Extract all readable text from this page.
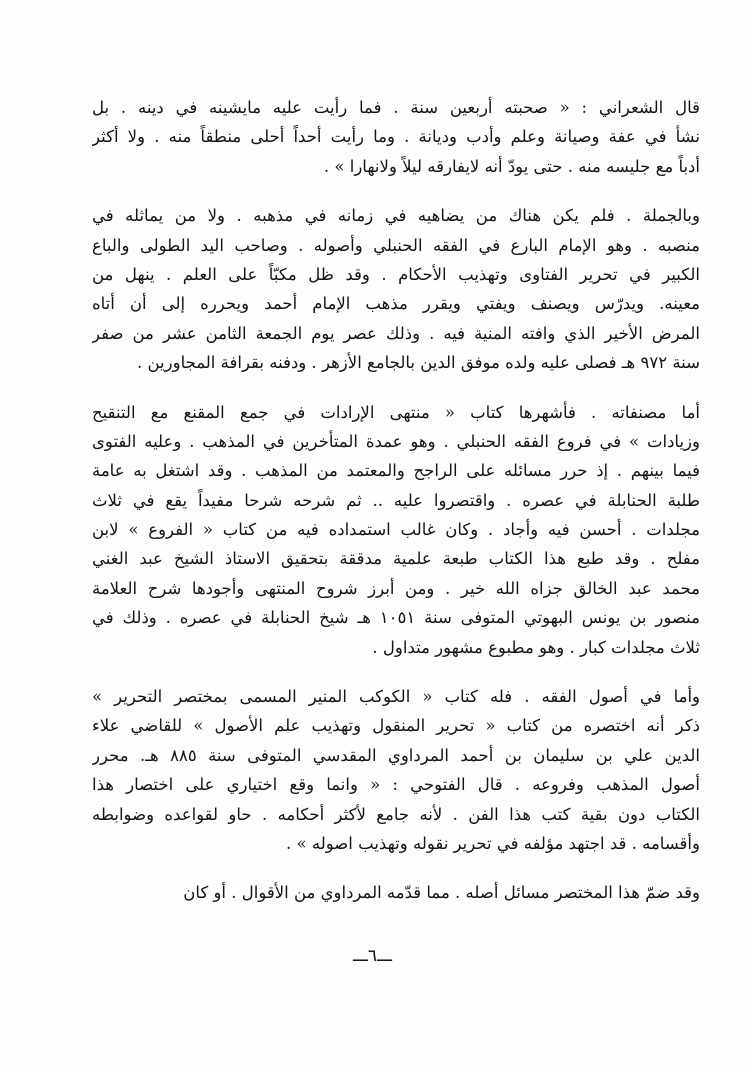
قال الشعراني : « صحبته أربعين سنة . فما رأيت عليه مايشينه في دينه . بل
نشأ في عفة وصيانة وعلم وأدب وديانة . وما رأيت أحداً أحلى منطقاً منه . ولا أكثر
أدباً مع جليسه منه . حتى يودّ أنه لايفارقه ليلاً ولانهارا » .
وبالجملة . فلم يكن هناك من يضاهيه في زمانه في مذهبه . ولا من يماثله في
منصبه . وهو الإمام البارع في الفقه الحنبلي وأصوله . وصاحب اليد الطولى والباع
الكبير في تحرير الفتاوى وتهذيب الأحكام . وقد ظل مكبّاً على العلم . ينهل من
معينه. ويدرّس ويصنف ويفتي ويقرر مذهب الإمام أحمد ويحرره إلى أن أتاه
المرض الأخير الذي وافته المنية فيه . وذلك عصر يوم الجمعة الثامن عشر من صفر
سنة ٩٧٢ هـ فصلى عليه ولده موفق الدين بالجامع الأزهر . ودفنه بقرافة المجاورين .
أما مصنفاته . فأشهرها كتاب « منتهى الإرادات في جمع المقنع مع التنقيح
وزيادات » في فروع الفقه الحنبلي . وهو عمدة المتأخرين في المذهب . وعليه الفتوى
فيما بينهم . إذ حرر مسائله على الراجح والمعتمد من المذهب . وقد اشتغل به عامة
طلبة الحنابلة في عصره . واقتصروا عليه .. ثم شرحه شرحا مفيداً يقع في ثلاث
مجلدات . أحسن فيه وأجاد . وكان غالب استمداده فيه من كتاب « الفروع » لابن
مفلح . وقد طبع هذا الكتاب طبعة علمية مدققة بتحقيق الاستاذ الشيخ عبد الغني
محمد عبد الخالق جزاه الله خير . ومن أبرز شروح المنتهى وأجودها شرح العلامة
منصور بن يونس البهوتي المتوفى سنة ١٠٥١ هـ شيخ الحنابلة في عصره . وذلك في
ثلاث مجلدات كبار . وهو مطبوع مشهور متداول .
وأما في أصول الفقه . فله كتاب « الكوكب المنير المسمى بمختصر التحرير »
ذكر أنه اختصره من كتاب « تحرير المنقول وتهذيب علم الأصول » للقاضي علاء
الدين علي بن سليمان بن أحمد المرداوي المقدسي المتوفى سنة ٨٨٥ هـ. محرر
أصول المذهب وفروعه . قال الفتوحي : « وانما وقع اختياري على اختصار هذا
الكتاب دون بقية كتب هذا الفن . لأنه جامع لأكثر أحكامه . حاو لقواعده وضوابطه
وأقسامه . قد اجتهد مؤلفه في تحرير نقوله وتهذيب اصوله » .
وقد ضمّ هذا المختصر مسائل أصله . مما قدّمه المرداوي من الأقوال . أو كان
ـــ٦ـــ
